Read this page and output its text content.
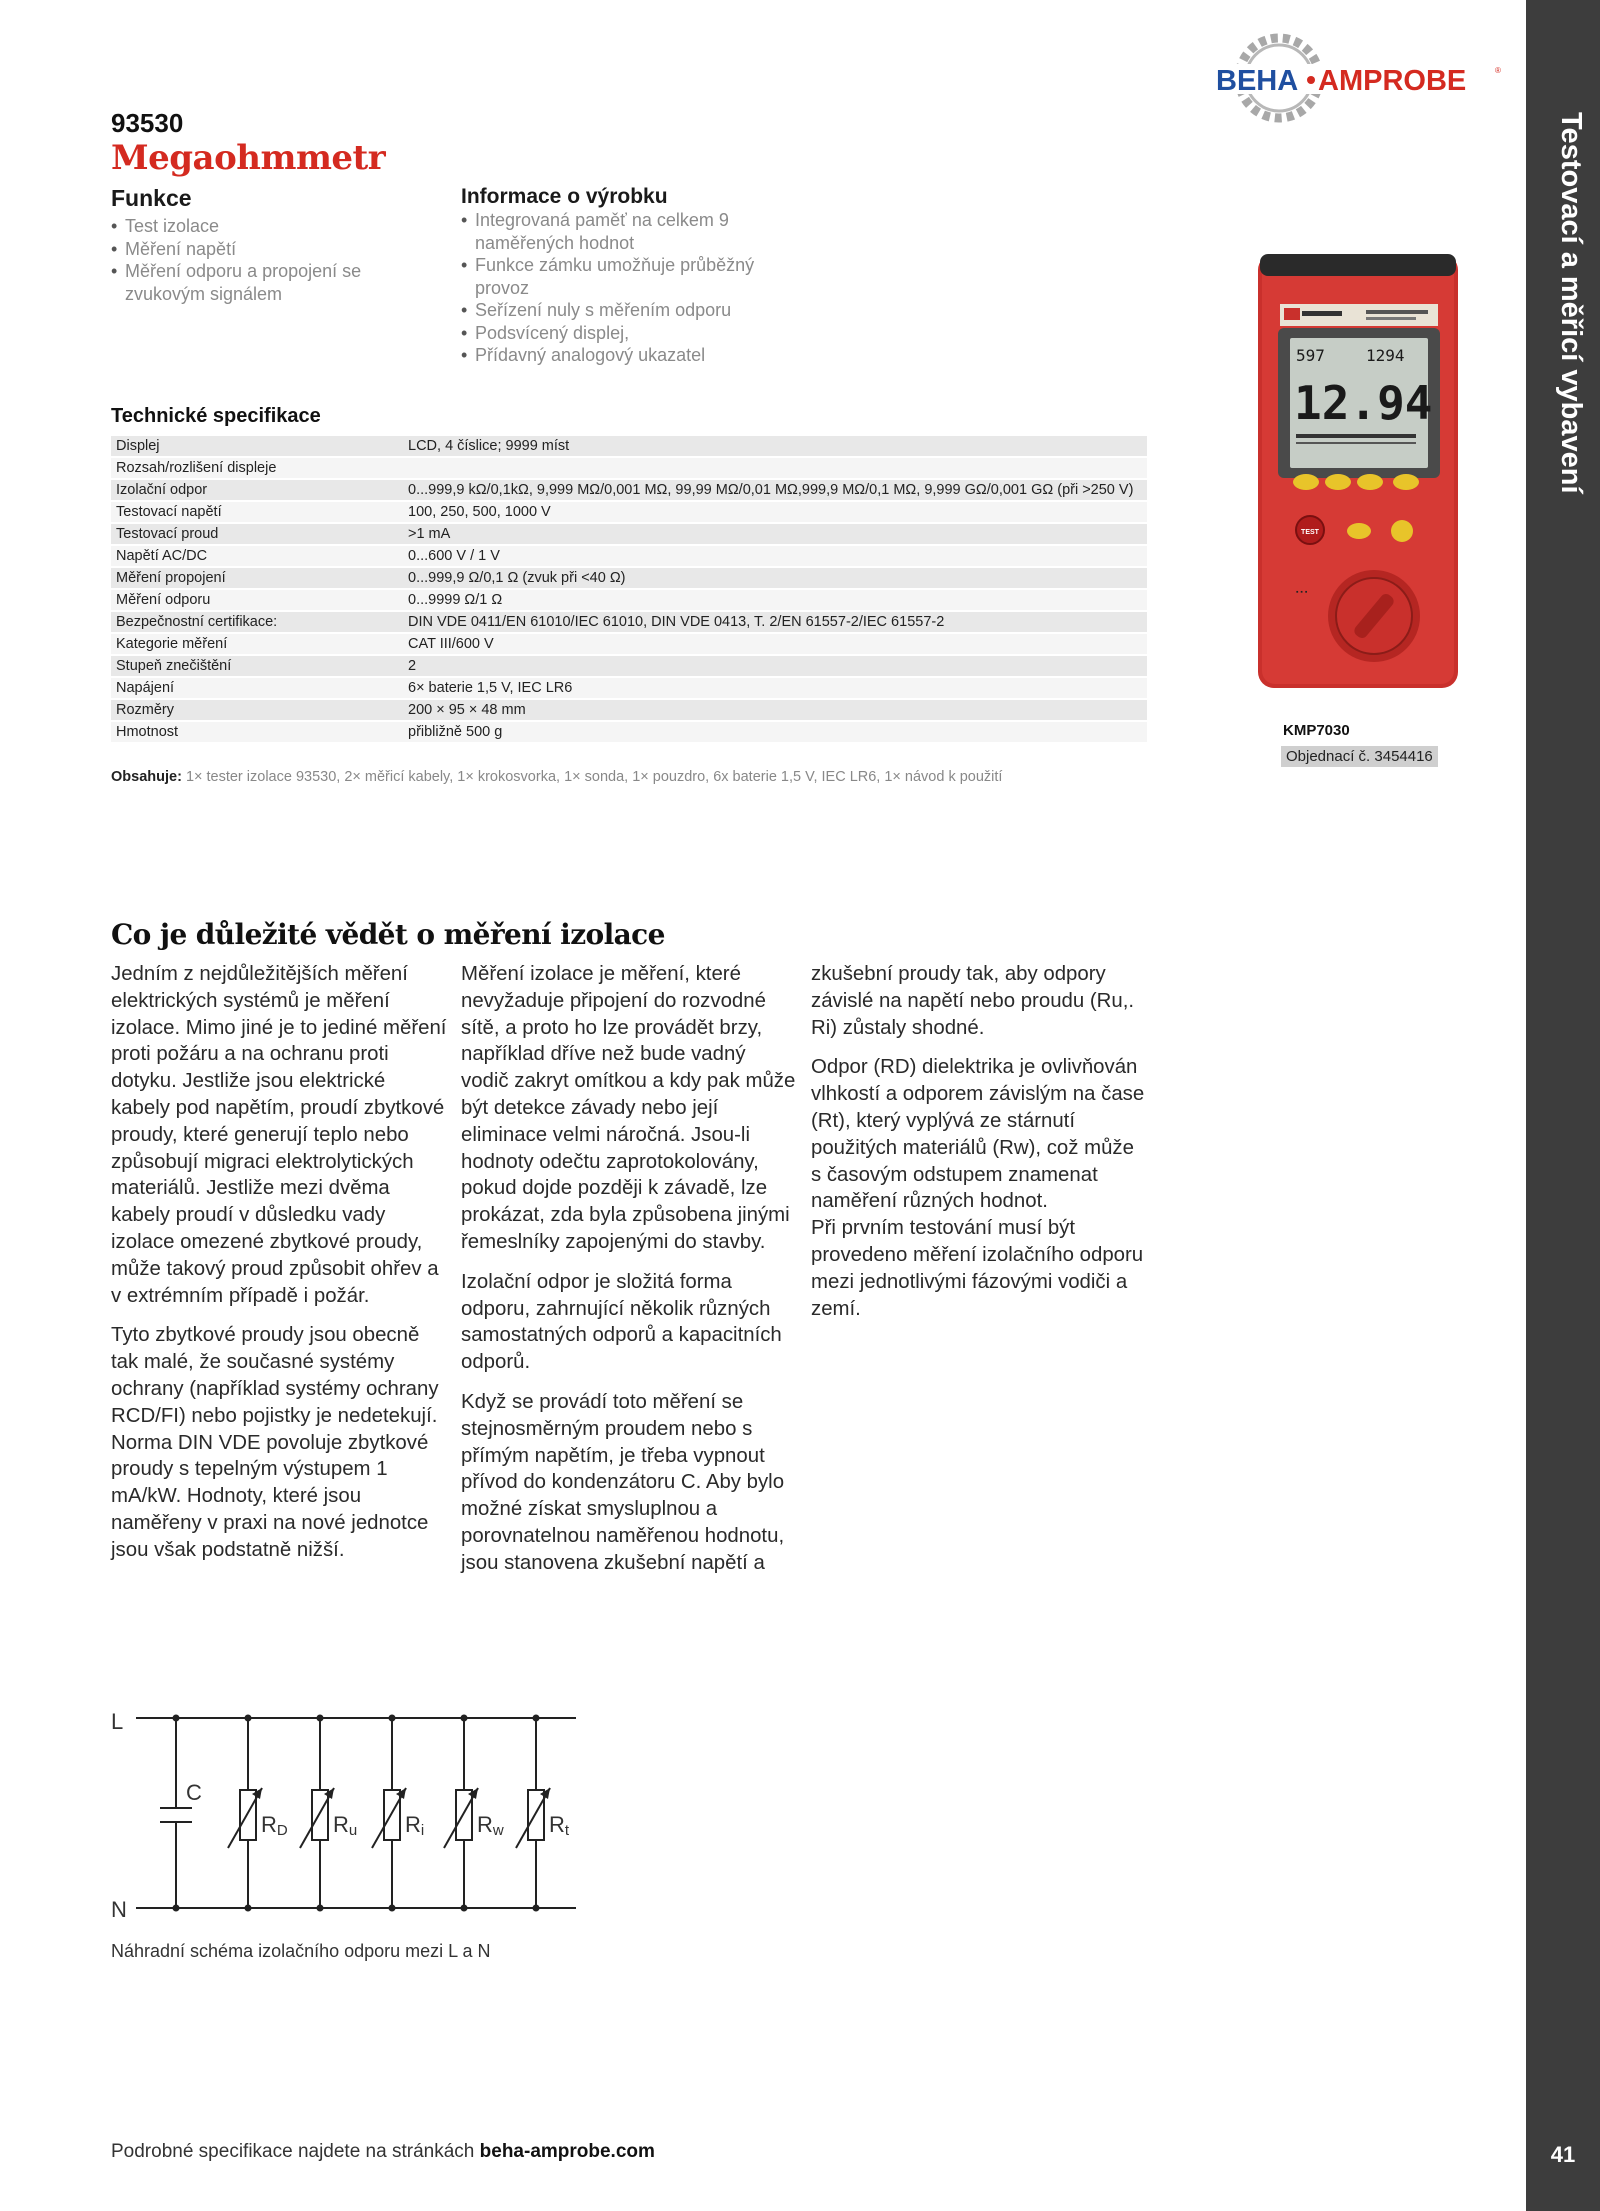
Testovací a měřicí vybavení
41
BEHA AMPROBE	®
93530
Megaohmmetr
Funkce
• Test izolace
• Měření napětí
• Měření odporu a propojení se zvukovým signálem
Informace o výrobku
• Integrovaná paměť na celkem 9 naměřených hodnot
• Funkce zámku umožňuje průběžný provoz
• Seřízení nuly s měřením odporu
• Podsvícený displej,
• Přídavný analogový ukazatel
Technické specifikace
Displej	LCD, 4 číslice; 9999 míst
Rozsah/rozlišení displeje	
Izolační odpor	0...999,9 kΩ/0,1kΩ, 9,999 MΩ/0,001 MΩ, 99,99 MΩ/0,01 MΩ,999,9 MΩ/0,1 MΩ, 9,999 GΩ/0,001 GΩ (při >250 V)
Testovací napětí	100, 250, 500, 1000 V
Testovací proud	>1 mA
Napětí AC/DC	0...600 V / 1 V
Měření propojení	0...999,9 Ω/0,1 Ω (zvuk při <40 Ω)
Měření odporu	0...9999 Ω/1 Ω
Bezpečnostní certifikace:	DIN VDE 0411/EN 61010/IEC 61010, DIN VDE 0413, T. 2/EN 61557-2/IEC 61557-2
Kategorie měření	CAT III/600 V
Stupeň znečištění	2
Napájení	6× baterie 1,5 V, IEC LR6
Rozměry	200 × 95 × 48 mm
Hmotnost	přibližně 500 g
Obsahuje: 1× tester izolace 93530, 2× měřicí kabely, 1× krokosvorka, 1× sonda, 1× pouzdro, 6x baterie 1,5 V, IEC LR6, 1× návod k použití
597	1294
12.94
TEST
▪ ▪ ▪
KMP7030
Objednací č. 3454416
Co je důležité vědět o měření izolace

Jedním z nejdůležitějších měření elektrických systémů je měření izolace. Mimo jiné je to jediné měření proti požáru a na ochranu proti dotyku. Jestliže jsou elektrické kabely pod napětím, proudí zbytkové proudy, které generují teplo nebo způsobují migraci elektrolytických materiálů. Jestliže mezi dvěma kabely proudí v důsledku vady izolace omezené zbytkové proudy, může takový proud způsobit ohřev a v extrémním případě i požár.

Tyto zbytkové proudy jsou obecně tak malé, že současné systémy ochrany (například systémy ochrany RCD/FI) nebo pojistky je nedetekují. Norma DIN VDE povoluje zbytkové proudy s tepelným výstupem 1 mA/kW. Hodnoty, které jsou naměřeny v praxi na nové jednotce jsou však podstatně nižší.

Měření izolace je měření, které nevyžaduje připojení do rozvodné sítě, a proto ho lze provádět brzy, například dříve než bude vadný vodič zakryt omítkou a kdy pak může být detekce závady nebo její eliminace velmi náročná. Jsou-li hodnoty odečtu zaprotokolovány, pokud dojde později k závadě, lze prokázat, zda byla způsobena jinými řemeslníky zapojenými do stavby.

Izolační odpor je složitá forma odporu, zahrnující několik různých samostatných odporů a kapacitních odporů.

Když se provádí toto měření se stejnosměrným proudem nebo s přímým napětím, je třeba vypnout přívod do kondenzátoru C. Aby bylo možné získat smysluplnou a porovnatelnou naměřenou hodnotu, jsou stanovena zkušební napětí a

zkušební proudy tak, aby odpory závislé na napětí nebo proudu (Ru,. Ri) zůstaly shodné.

Odpor (RD) dielektrika je ovlivňován vlhkostí a odporem závislým na čase (Rt), který vyplývá ze stárnutí použitých materiálů (Rw), což může s časovým odstupem znamenat naměření různých hodnot.

Při prvním testování musí být provedeno měření izolačního odporu mezi jednotlivými fázovými vodiči a zemí.

L
N
C
RD Ru Ri Rw Rt
Náhradní schéma izolačního odporu mezi L a N
Podrobné specifikace najdete na stránkách beha-amprobe.com
